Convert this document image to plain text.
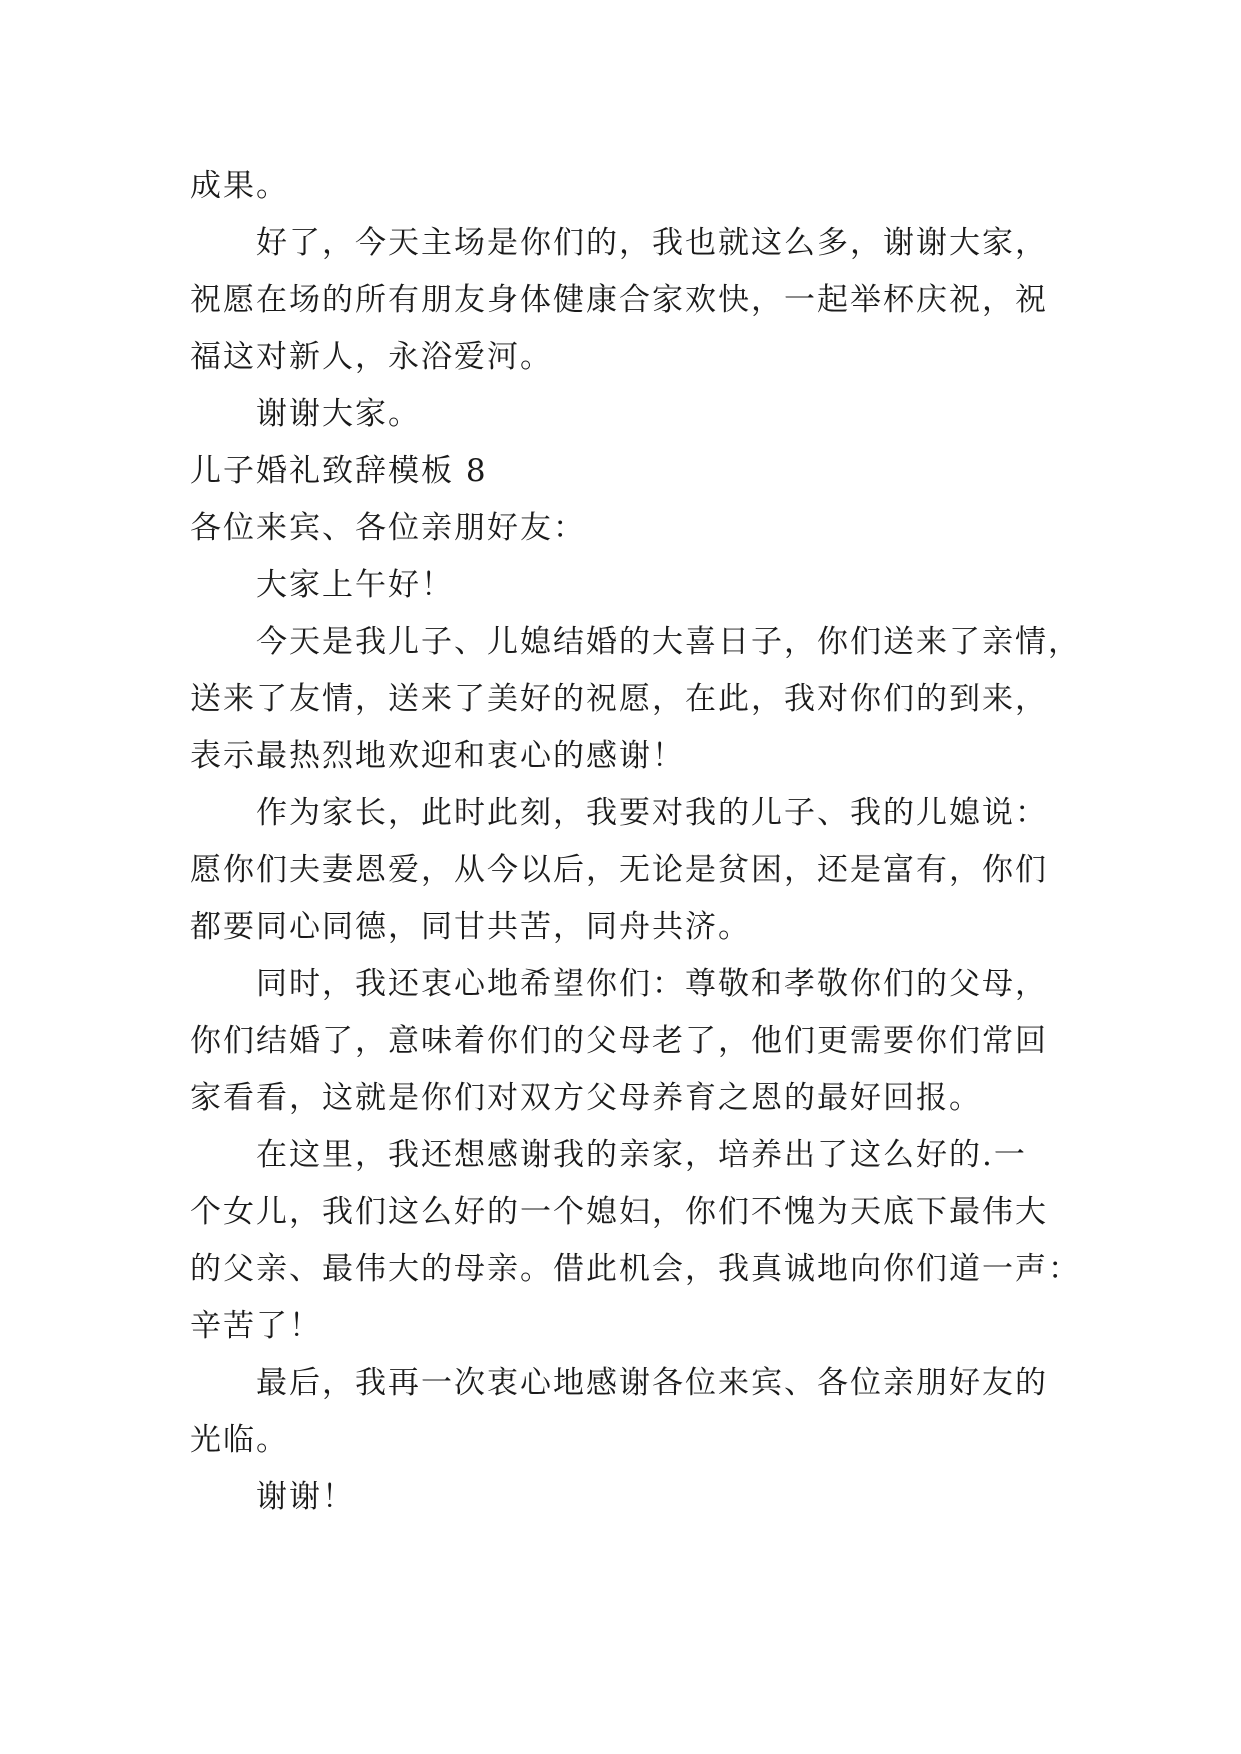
成果。
好了，今天主场是你们的，我也就这么多，谢谢大家，
祝愿在场的所有朋友身体健康合家欢快，一起举杯庆祝，祝
福这对新人，永浴爱河。
谢谢大家。
儿子婚礼致辞模板 8
各位来宾、各位亲朋好友：
大家上午好！
今天是我儿子、儿媳结婚的大喜日子，你们送来了亲情，
送来了友情，送来了美好的祝愿，在此，我对你们的到来，
表示最热烈地欢迎和衷心的感谢！
作为家长，此时此刻，我要对我的儿子、我的儿媳说：
愿你们夫妻恩爱，从今以后，无论是贫困，还是富有，你们
都要同心同德，同甘共苦，同舟共济。
同时，我还衷心地希望你们：尊敬和孝敬你们的父母，
你们结婚了，意味着你们的父母老了，他们更需要你们常回
家看看，这就是你们对双方父母养育之恩的最好回报。
在这里，我还想感谢我的亲家，培养出了这么好的.一
个女儿，我们这么好的一个媳妇，你们不愧为天底下最伟大
的父亲、最伟大的母亲。借此机会，我真诚地向你们道一声：
辛苦了！
最后，我再一次衷心地感谢各位来宾、各位亲朋好友的
光临。
谢谢！
